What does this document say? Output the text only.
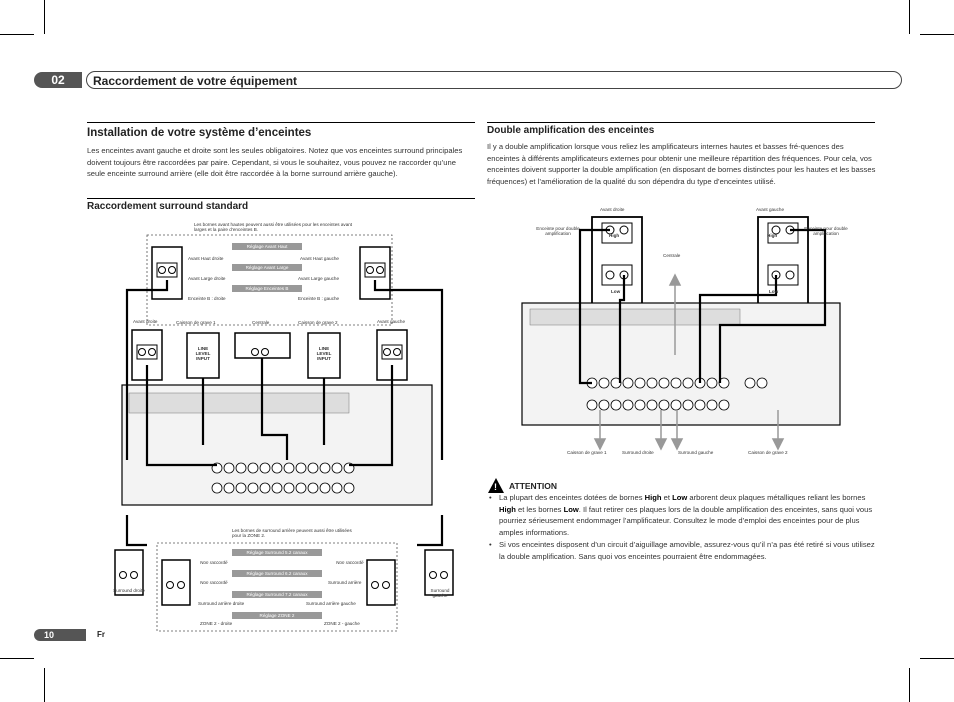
02	Raccordement de votre équipement
Installation de votre système d’enceintes
Les enceintes avant gauche et droite sont les seules obligatoires. Notez que vos enceintes surround principales doivent toujours être raccordées par paire. Cependant, si vous le souhaitez, vous pouvez ne raccorder qu’une seule enceinte surround arrière (elle doit être raccordée à la borne surround arrière gauche).
Raccordement surround standard
Les bornes avant hautes peuvent aussi être utilisées pour les enceintes avant larges et la paire d’enceintes B.
Réglage Avant Haut
Réglage Avant Large
Réglage Enceintes B
Avant Haut droite
Avant Large droite
Enceinte B : droite
Avant Haut gauche
Avant Large gauche
Enceinte B : gauche
Avant droite	Caisson de grave 1	Centrale	Caisson de grave 2	Avant gauche
LINE LEVEL INPUT
LINE LEVEL INPUT
Les bornes de surround arrière peuvent aussi être utilisées pour la ZONE 2.
Réglage Surround 5.2 canaux
Réglage Surround 6.2 canaux
Réglage Surround 7.2 canaux
Réglage ZONE 2
Non raccordé	Non raccordé
Non raccordé	Surround arrière
Surround arrière droite	Surround arrière gauche
ZONE 2 - droite	ZONE 2 - gauche
Surround droite	Surround gauche
Double amplification des enceintes
Il y a double amplification lorsque vous reliez les amplificateurs internes hautes et basses fré-quences des enceintes à différents amplificateurs externes pour obtenir une meilleure répartition des fréquences. Pour cela, vos enceintes doivent supporter la double amplification (en disposant de bornes distinctes pour les hautes et les basses fréquences) et l’amélioration de la qualité du son dépendra du type d’enceintes utilisé.
Avant droite	Avant gauche
Enceinte pour double amplification
Enceinte pour double amplification
High
Low
High
Low
Centrale
Caisson de grave 1	Surround droite	Surround gauche	Caisson de grave 2
! ATTENTION
• La plupart des enceintes dotées de bornes High et Low arborent deux plaques métalliques reliant les bornes High et les bornes Low. Il faut retirer ces plaques lors de la double amplification des enceintes, sans quoi vous pourriez sérieusement endommager l’amplificateur. Consultez le mode d’emploi des enceintes pour de plus amples informations.
• Si vos enceintes disposent d’un circuit d’aiguillage amovible, assurez-vous qu’il n’a pas été retiré si vous utilisez la double amplification. Sans quoi vos enceintes pourraient être endommagées.
10	Fr
